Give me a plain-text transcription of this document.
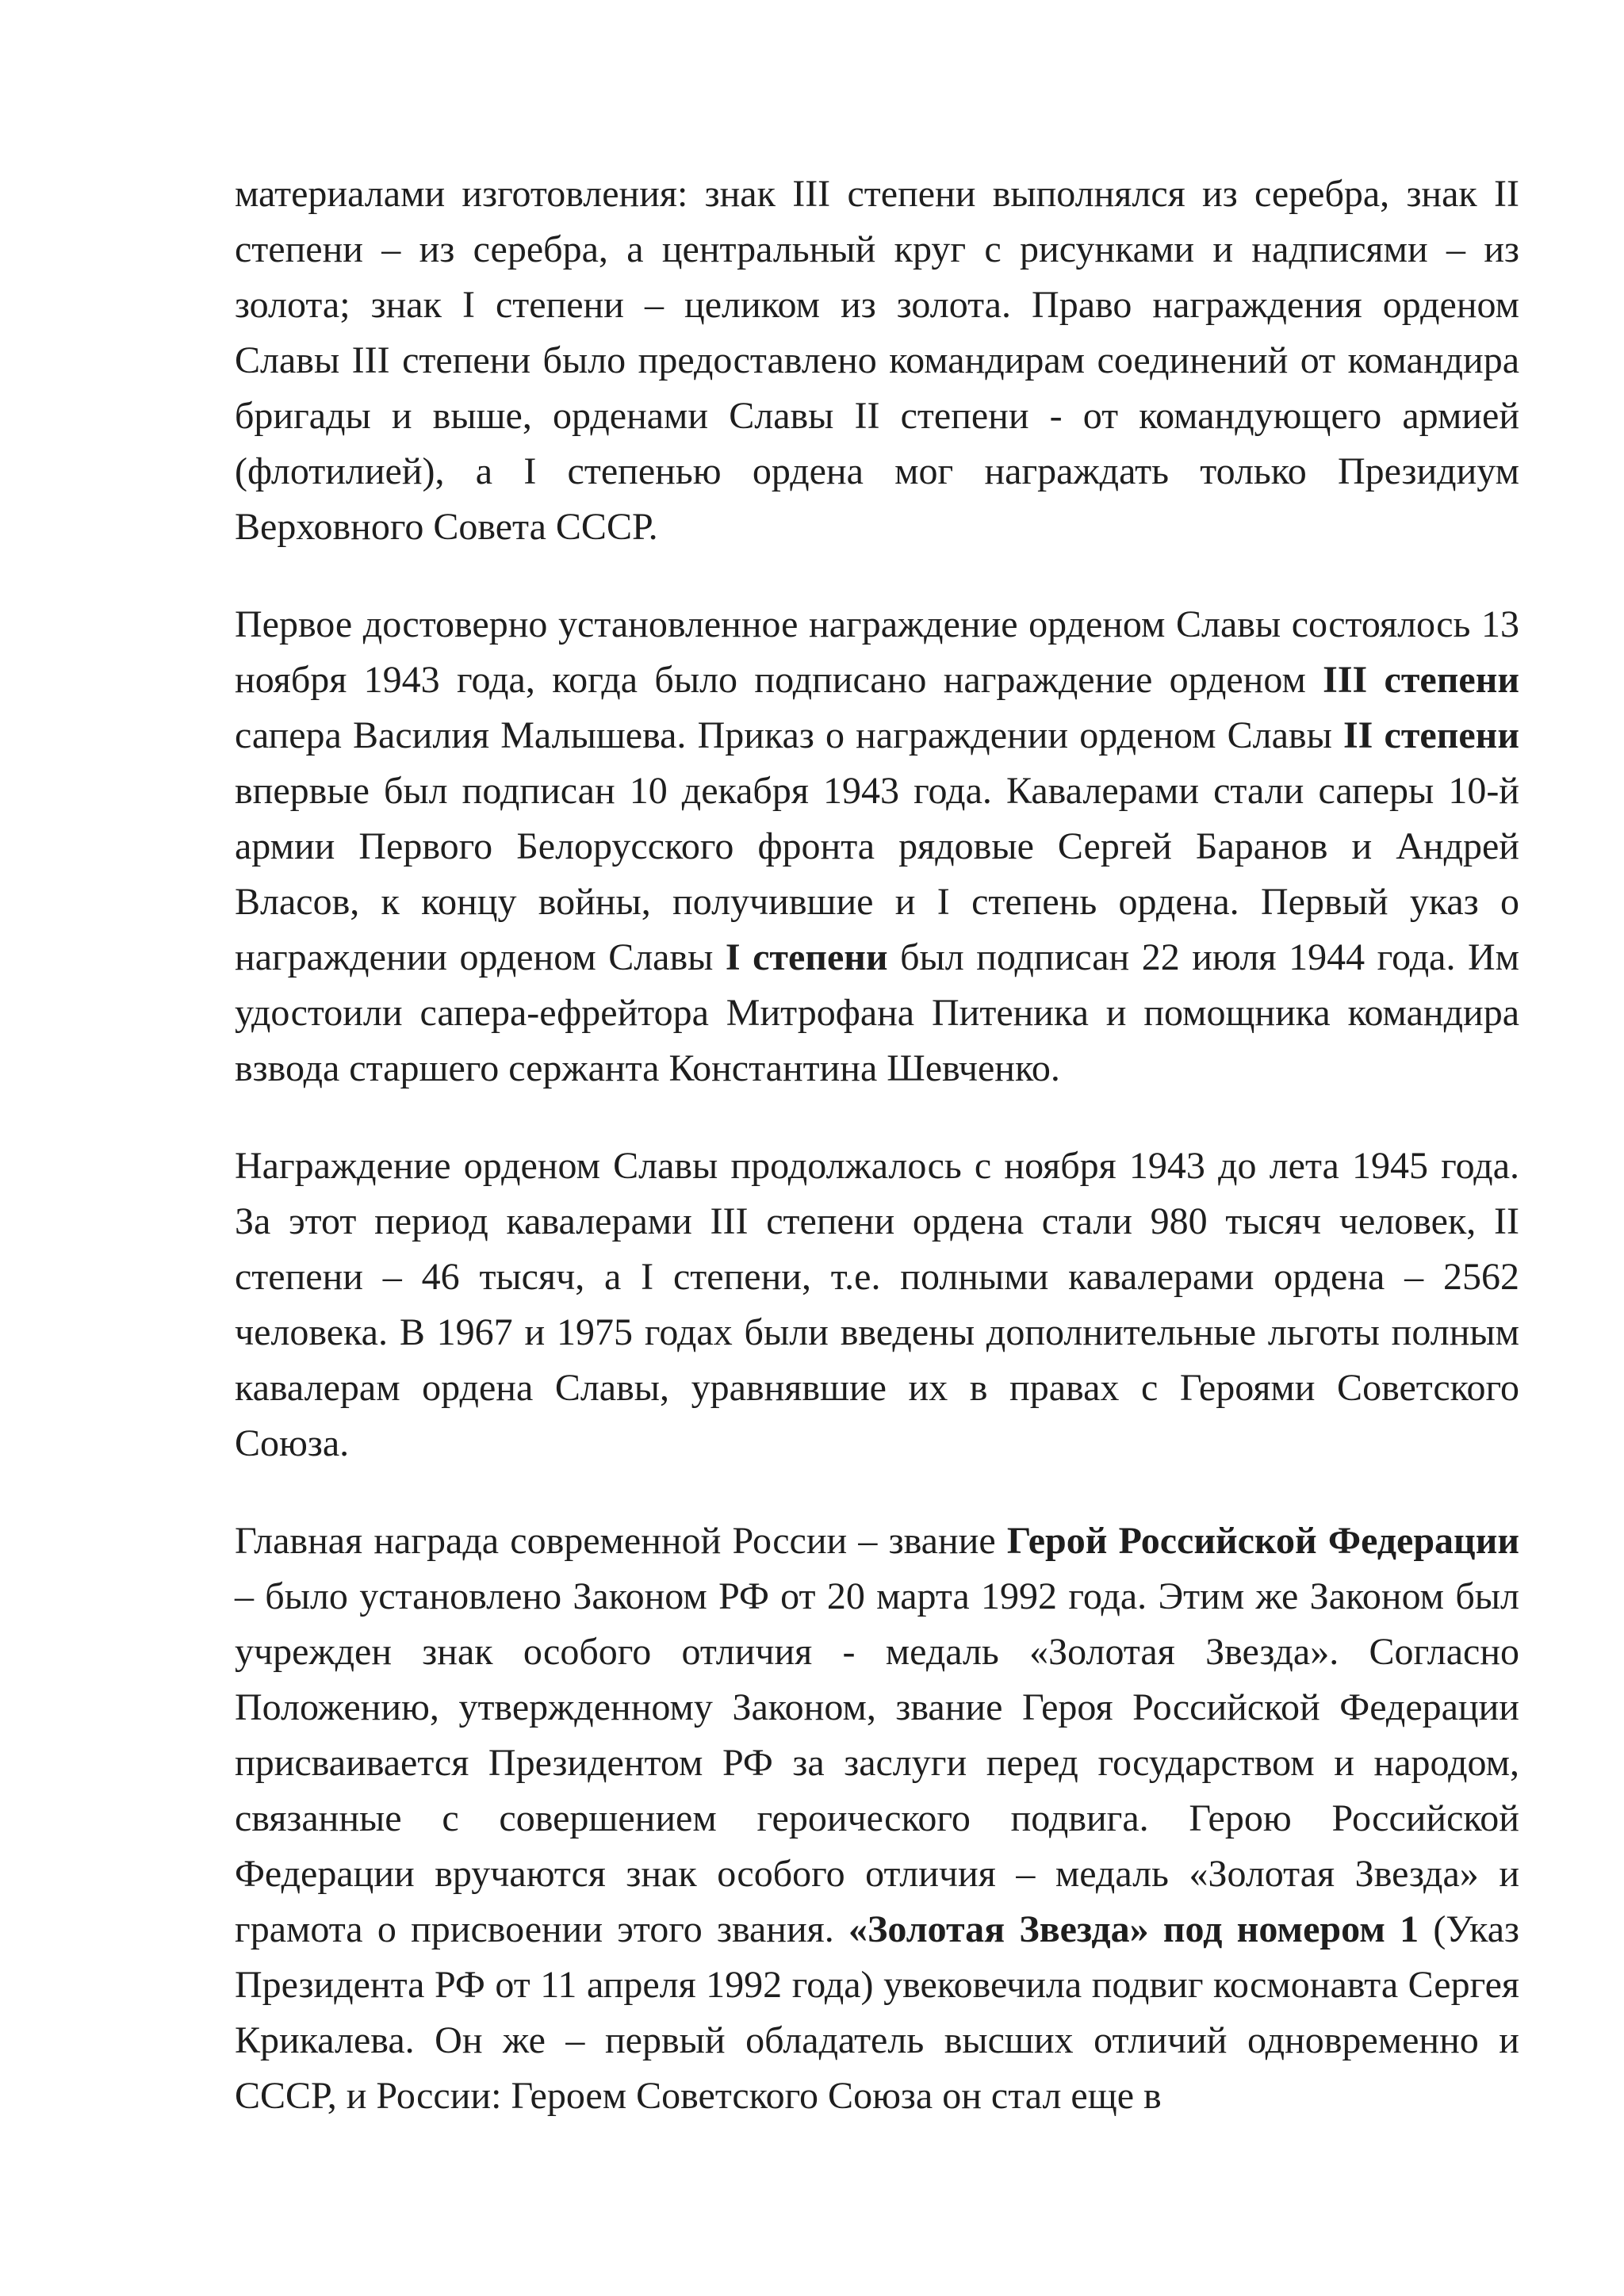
материалами изготовления: знак III степени выполнялся из серебра, знак II степени – из серебра, а центральный круг с рисунками и надписями – из золота; знак I степени – целиком из золота. Право награждения орденом Славы III степени было предоставлено командирам соединений от командира бригады и выше, орденами Славы II степени - от командующего армией (флотилией), а I степенью ордена мог награждать только Президиум Верховного Совета СССР.

Первое достоверно установленное награждение орденом Славы состоялось 13 ноября 1943 года, когда было подписано награждение орденом III степени сапера Василия Малышева. Приказ о награждении орденом Славы II степени впервые был подписан 10 декабря 1943 года. Кавалерами стали саперы 10-й армии Первого Белорусского фронта рядовые Сергей Баранов и Андрей Власов, к концу войны, получившие и I степень ордена. Первый указ о награждении орденом Славы I степени был подписан 22 июля 1944 года. Им удостоили сапера-ефрейтора Митрофана Питеника и помощника командира взвода старшего сержанта Константина Шевченко.

Награждение орденом Славы продолжалось с ноября 1943 до лета 1945 года. За этот период кавалерами III степени ордена стали 980 тысяч человек, II степени – 46 тысяч, а I степени, т.е. полными кавалерами ордена – 2562 человека. В 1967 и 1975 годах были введены дополнительные льготы полным кавалерам ордена Славы, уравнявшие их в правах с Героями Советского Союза.

Главная награда современной России – звание Герой Российской Федерации – было установлено Законом РФ от 20 марта 1992 года. Этим же Законом был учрежден знак особого отличия - медаль «Золотая Звезда». Согласно Положению, утвержденному Законом, звание Героя Российской Федерации присваивается Президентом РФ за заслуги перед государством и народом, связанные с совершением героического подвига. Герою Российской Федерации вручаются знак особого отличия – медаль «Золотая Звезда» и грамота о присвоении этого звания. «Золотая Звезда» под номером 1 (Указ Президента РФ от 11 апреля 1992 года) увековечила подвиг космонавта Сергея Крикалева. Он же – первый обладатель высших отличий одновременно и СССР, и России: Героем Советского Союза он стал еще в
